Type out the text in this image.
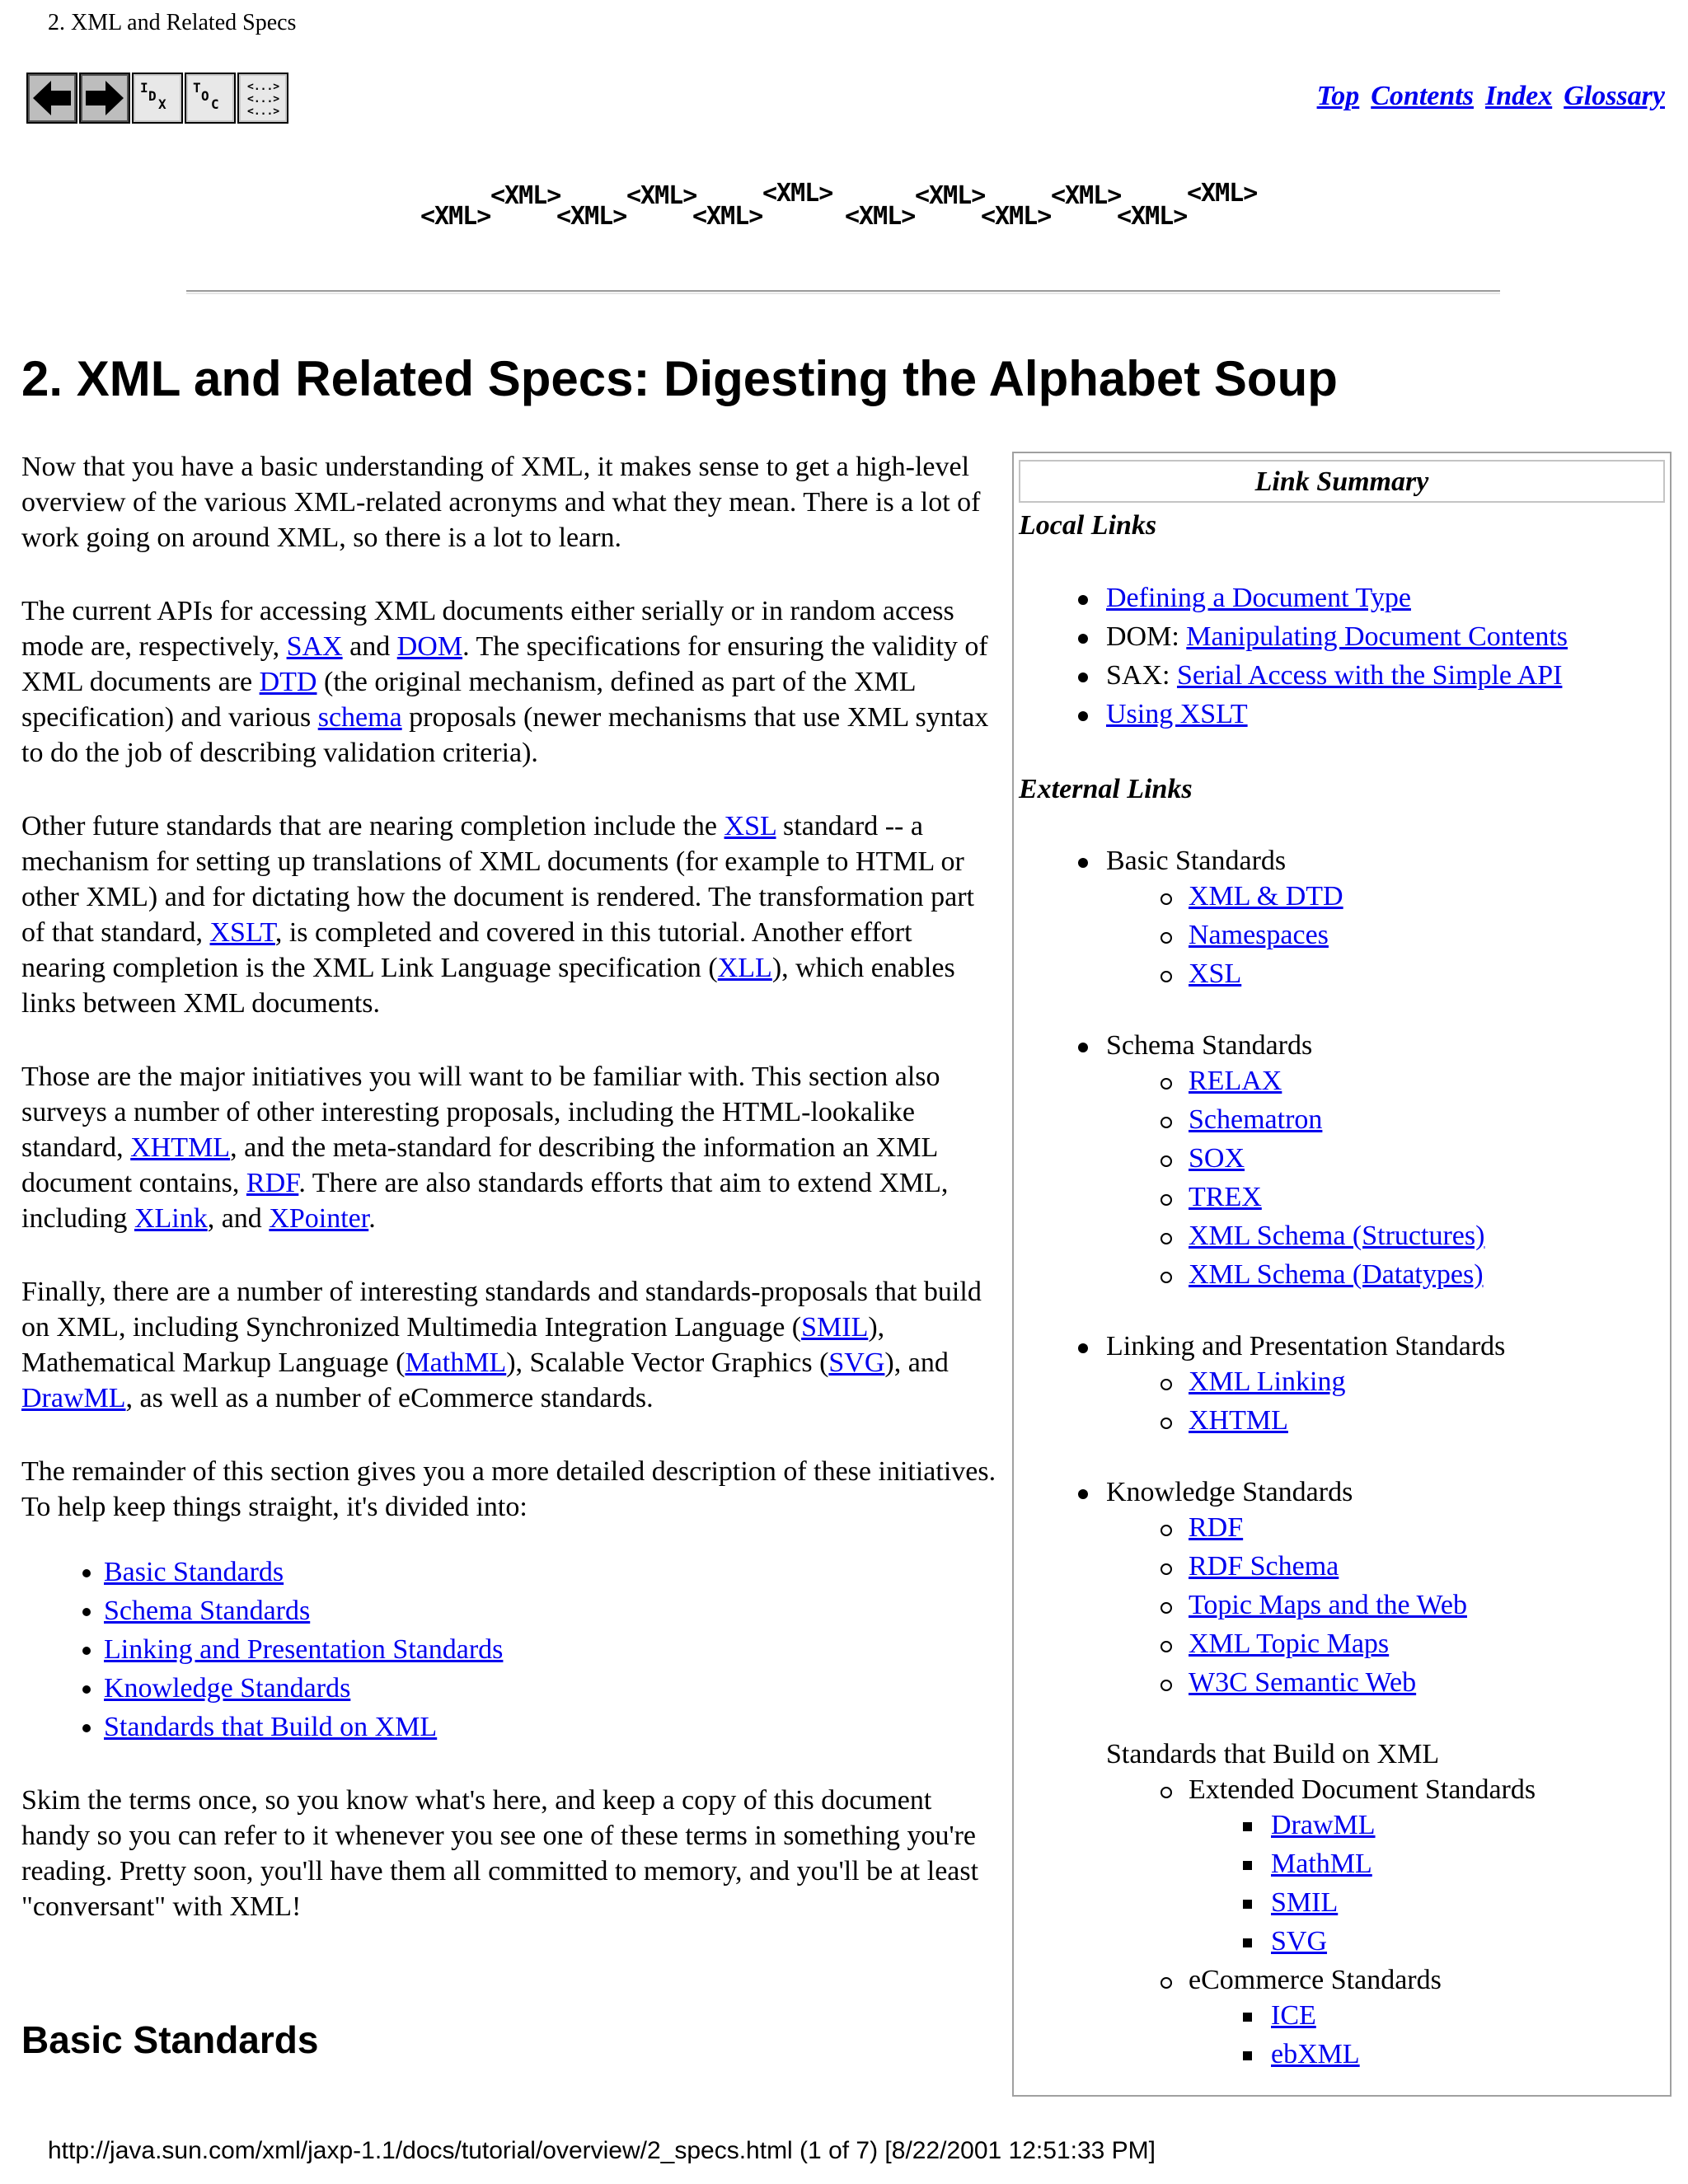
2. XML and Related Specs
I
D
X
T
O
C
<...>
<...>
<...>
Top Contents Index Glossary
<XML>
<XML>
<XML>
<XML>
<XML>
<XML>
<XML>
<XML>
<XML>
<XML>
<XML>
<XML>
2. XML and Related Specs: Digesting the Alphabet Soup

Now that you have a basic understanding of XML, it makes sense to get a high-level overview of the various XML-related acronyms and what they mean. There is a lot of work going on around XML, so there is a lot to learn.

The current APIs for accessing XML documents either serially or in random access mode are, respectively, SAX and DOM. The specifications for ensuring the validity of XML documents are DTD (the original mechanism, defined as part of the XML specification) and various schema proposals (newer mechanisms that use XML syntax to do the job of describing validation criteria).

Other future standards that are nearing completion include the XSL standard -- a mechanism for setting up translations of XML documents (for example to HTML or other XML) and for dictating how the document is rendered. The transformation part of that standard, XSLT, is completed and covered in this tutorial. Another effort nearing completion is the XML Link Language specification (XLL), which enables links between XML documents.

Those are the major initiatives you will want to be familiar with. This section also surveys a number of other interesting proposals, including the HTML-lookalike standard, XHTML, and the meta-standard for describing the information an XML document contains, RDF. There are also standards efforts that aim to extend XML, including XLink, and XPointer.

Finally, there are a number of interesting standards and standards-proposals that build on XML, including Synchronized Multimedia Integration Language (SMIL), Mathematical Markup Language (MathML), Scalable Vector Graphics (SVG), and DrawML, as well as a number of eCommerce standards.

The remainder of this section gives you a more detailed description of these initiatives. To help keep things straight, it's divided into:

• Basic Standards
• Schema Standards
• Linking and Presentation Standards
• Knowledge Standards
• Standards that Build on XML

Skim the terms once, so you know what's here, and keep a copy of this document handy so you can refer to it whenever you see one of these terms in something you're reading. Pretty soon, you'll have them all committed to memory, and you'll be at least "conversant" with XML!

Basic Standards
Link Summary
Local Links
Defining a Document Type
DOM: Manipulating Document Contents
SAX: Serial Access with the Simple API
Using XSLT
External Links
Basic Standards
XML & DTD
Namespaces
XSL
Schema Standards
RELAX
Schematron
SOX
TREX
XML Schema (Structures)
XML Schema (Datatypes)
Linking and Presentation Standards
XML Linking
XHTML
Knowledge Standards
RDF
RDF Schema
Topic Maps and the Web
XML Topic Maps
W3C Semantic Web
Standards that Build on XML
Extended Document Standards
DrawML
MathML
SMIL
SVG
eCommerce Standards
ICE
ebXML
http://java.sun.com/xml/jaxp-1.1/docs/tutorial/overview/2_specs.html (1 of 7) [8/22/2001 12:51:33 PM]
